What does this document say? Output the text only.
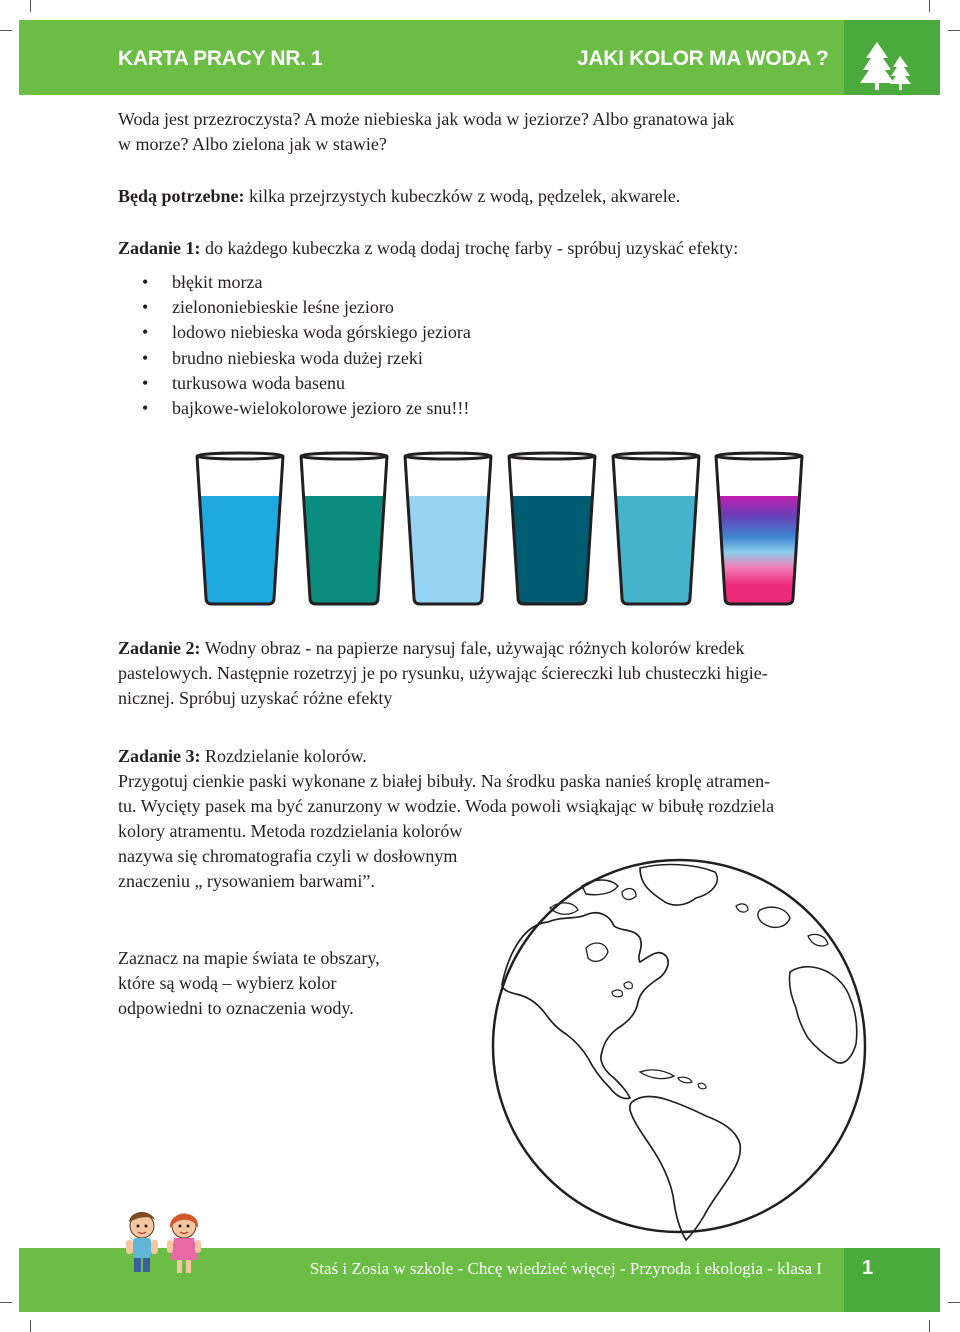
KARTA PRACY NR. 1	JAKI KOLOR MA WODA ?

Woda jest przezroczysta? A może niebieska jak woda w jeziorze? Albo granatowa jak

w morze? Albo zielona jak w stawie?

Będą potrzebne: kilka przejrzystych kubeczków z wodą, pędzelek, akwarele.

Zadanie 1: do każdego kubeczka z wodą dodaj trochę farby - spróbuj uzyskać efekty:

• błękit morza
• zielononiebieskie leśne jezioro
• lodowo niebieska woda górskiego jeziora
• brudno niebieska woda dużej rzeki
• turkusowa woda basenu
• bajkowe-wielokolorowe jezioro ze snu!!!

Zadanie 2: Wodny obraz - na papierze narysuj fale, używając różnych kolorów kredek

pastelowych. Następnie rozetrzyj je po rysunku, używając ściereczki lub chusteczki higie-

nicznej. Spróbuj uzyskać różne efekty

Zadanie 3: Rozdzielanie kolorów.

Przygotuj cienkie paski wykonane z białej bibuły. Na środku paska nanieś kroplę atramen-

tu. Wycięty pasek ma być zanurzony w wodzie. Woda powoli wsiąkając w bibułę rozdziela

kolory atramentu. Metoda rozdzielania kolorów

nazywa się chromatografia czyli w dosłownym

znaczeniu „ rysowaniem barwami”.

Zaznacz na mapie świata te obszary,

które są wodą – wybierz kolor

odpowiedni to oznaczenia wody.

Staś i Zosia w szkole - Chcę wiedzieć więcej - Przyroda i ekologia - klasa I 1
